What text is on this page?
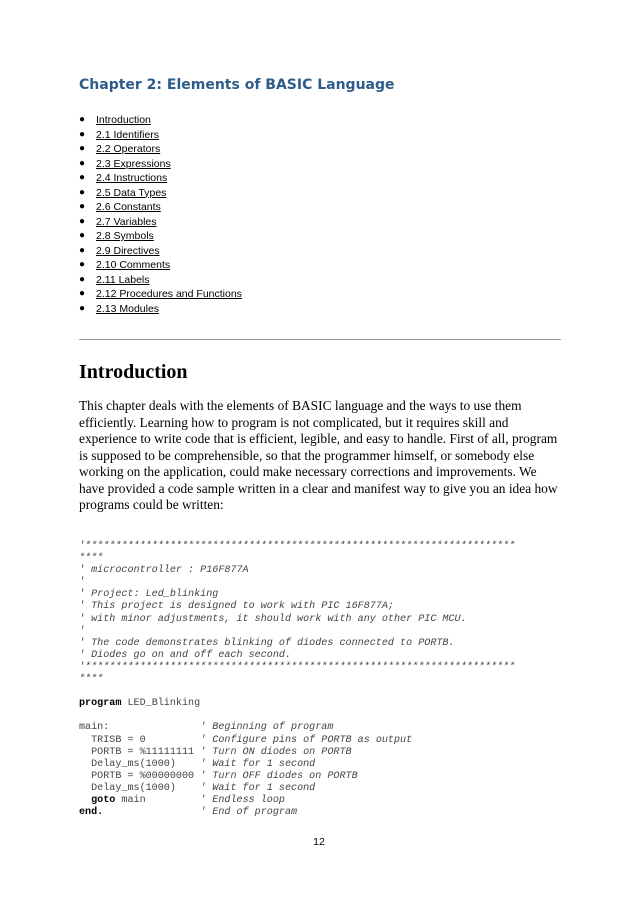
Chapter 2: Elements of BASIC Language
● Introduction
● 2.1 Identifiers
● 2.2 Operators
● 2.3 Expressions
● 2.4 Instructions
● 2.5 Data Types
● 2.6 Constants
● 2.7 Variables
● 2.8 Symbols
● 2.9 Directives
● 2.10 Comments
● 2.11 Labels
● 2.12 Procedures and Functions
● 2.13 Modules
Introduction

This chapter deals with the elements of BASIC language and the ways to use them efficiently. Learning how to program is not complicated, but it requires skill and experience to write code that is efficient, legible, and easy to handle. First of all, program is supposed to be comprehensible, so that the programmer himself, or somebody else working on the application, could make necessary corrections and improvements. We have provided a code sample written in a clear and manifest way to give you an idea how programs could be written:

'***********************************************************************
****
' microcontroller : P16F877A
'
' Project: Led_blinking
' This project is designed to work with PIC 16F877A;
' with minor adjustments, it should work with any other PIC MCU.
'
' The code demonstrates blinking of diodes connected to PORTB.
' Diodes go on and off each second.
'***********************************************************************
****
program LED_Blinking
main:               ' Beginning of program
TRISB = 0         ' Configure pins of PORTB as output
PORTB = %11111111 ' Turn ON diodes on PORTB
Delay_ms(1000)    ' Wait for 1 second
PORTB = %00000000 ' Turn OFF diodes on PORTB
Delay_ms(1000)    ' Wait for 1 second
goto main         ' Endless loop
end.	' End of program
12
